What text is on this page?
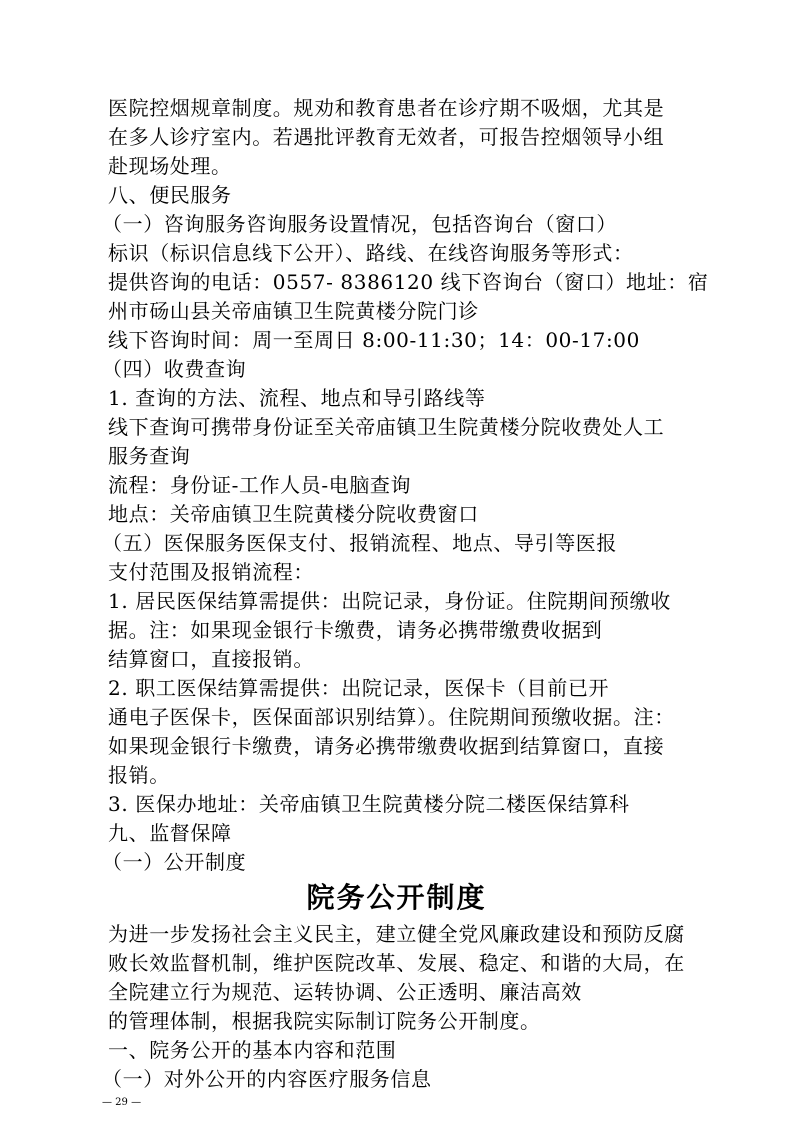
医院控烟规章制度。规劝和教育患者在诊疗期不吸烟，尤其是
在多人诊疗室内。若遇批评教育无效者，可报告控烟领导小组
赴现场处理。
八、便民服务
（一）咨询服务咨询服务设置情况，包括咨询台（窗口）
标识（标识信息线下公开）、路线、在线咨询服务等形式：
提供咨询的电话：0557- 8386120 线下咨询台（窗口）地址：宿
州市砀山县关帝庙镇卫生院黄楼分院门诊
线下咨询时间：周一至周日 8:00-11:30；14：00-17:00
（四）收费查询
1. 查询的方法、流程、地点和导引路线等
线下查询可携带身份证至关帝庙镇卫生院黄楼分院收费处人工
服务查询
流程：身份证-工作人员-电脑查询
地点：关帝庙镇卫生院黄楼分院收费窗口
（五）医保服务医保支付、报销流程、地点、导引等医报
支付范围及报销流程：
1. 居民医保结算需提供：出院记录，身份证。住院期间预缴收
据。注：如果现金银行卡缴费，请务必携带缴费收据到
结算窗口，直接报销。
2. 职工医保结算需提供：出院记录，医保卡（目前已开
通电子医保卡，医保面部识别结算）。住院期间预缴收据。注：
如果现金银行卡缴费，请务必携带缴费收据到结算窗口，直接
报销。
3. 医保办地址：关帝庙镇卫生院黄楼分院二楼医保结算科
九、监督保障
（一）公开制度
院务公开制度
为进一步发扬社会主义民主，建立健全党风廉政建设和预防反腐
败长效监督机制，维护医院改革、发展、稳定、和谐的大局，在
全院建立行为规范、运转协调、公正透明、廉洁高效
的管理体制，根据我院实际制订院务公开制度。
一、院务公开的基本内容和范围
（一）对外公开的内容医疗服务信息
— 29 —
